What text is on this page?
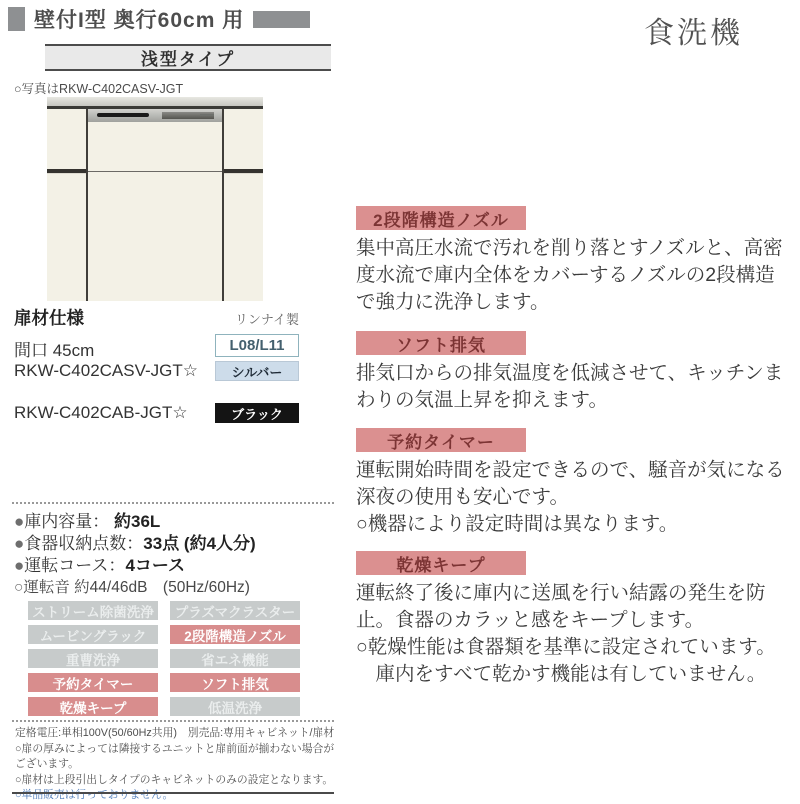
壁付I型 奥行60cm 用
浅型タイプ
○写真はRKW-C402CASV-JGT
扉材仕様	リンナイ製
間口 45cm	L08/L11
RKW-C402CASV-JGT☆	シルバー
RKW-C402CAB-JGT☆	ブラック
●庫内容量： 約36L
●食器収納点数：33点 (約4人分)
●運転コース：4コース
○運転音 約44/46dB　(50Hz/60Hz)
ストリーム除菌洗浄	プラズマクラスター
ムービングラック	2段階構造ノズル
重曹洗浄	省エネ機能
予約タイマー	ソフト排気
乾燥キープ	低温洗浄
定格電圧:単相100V(50/60Hz共用)　別売品:専用キャビネット/扉材
○扉の厚みによっては隣接するユニットと扉前面が揃わない場合がございます。
○扉材は上段引出しタイプのキャビネットのみの設定となります。
○単品販売は行っておりません。
食洗機
2段階構造ノズル
集中高圧水流で汚れを削り落とすノズルと、高密度水流で庫内全体をカバーするノズルの2段構造で強力に洗浄します。
ソフト排気
排気口からの排気温度を低減させて、キッチンまわりの気温上昇を抑えます。
予約タイマー
運転開始時間を設定できるので、騒音が気になる深夜の使用も安心です。
○機器により設定時間は異なります。
乾燥キープ
運転終了後に庫内に送風を行い結露の発生を防止。食器のカラッと感をキープします。
○乾燥性能は食器類を基準に設定されています。庫内をすべて乾かす機能は有していません。
